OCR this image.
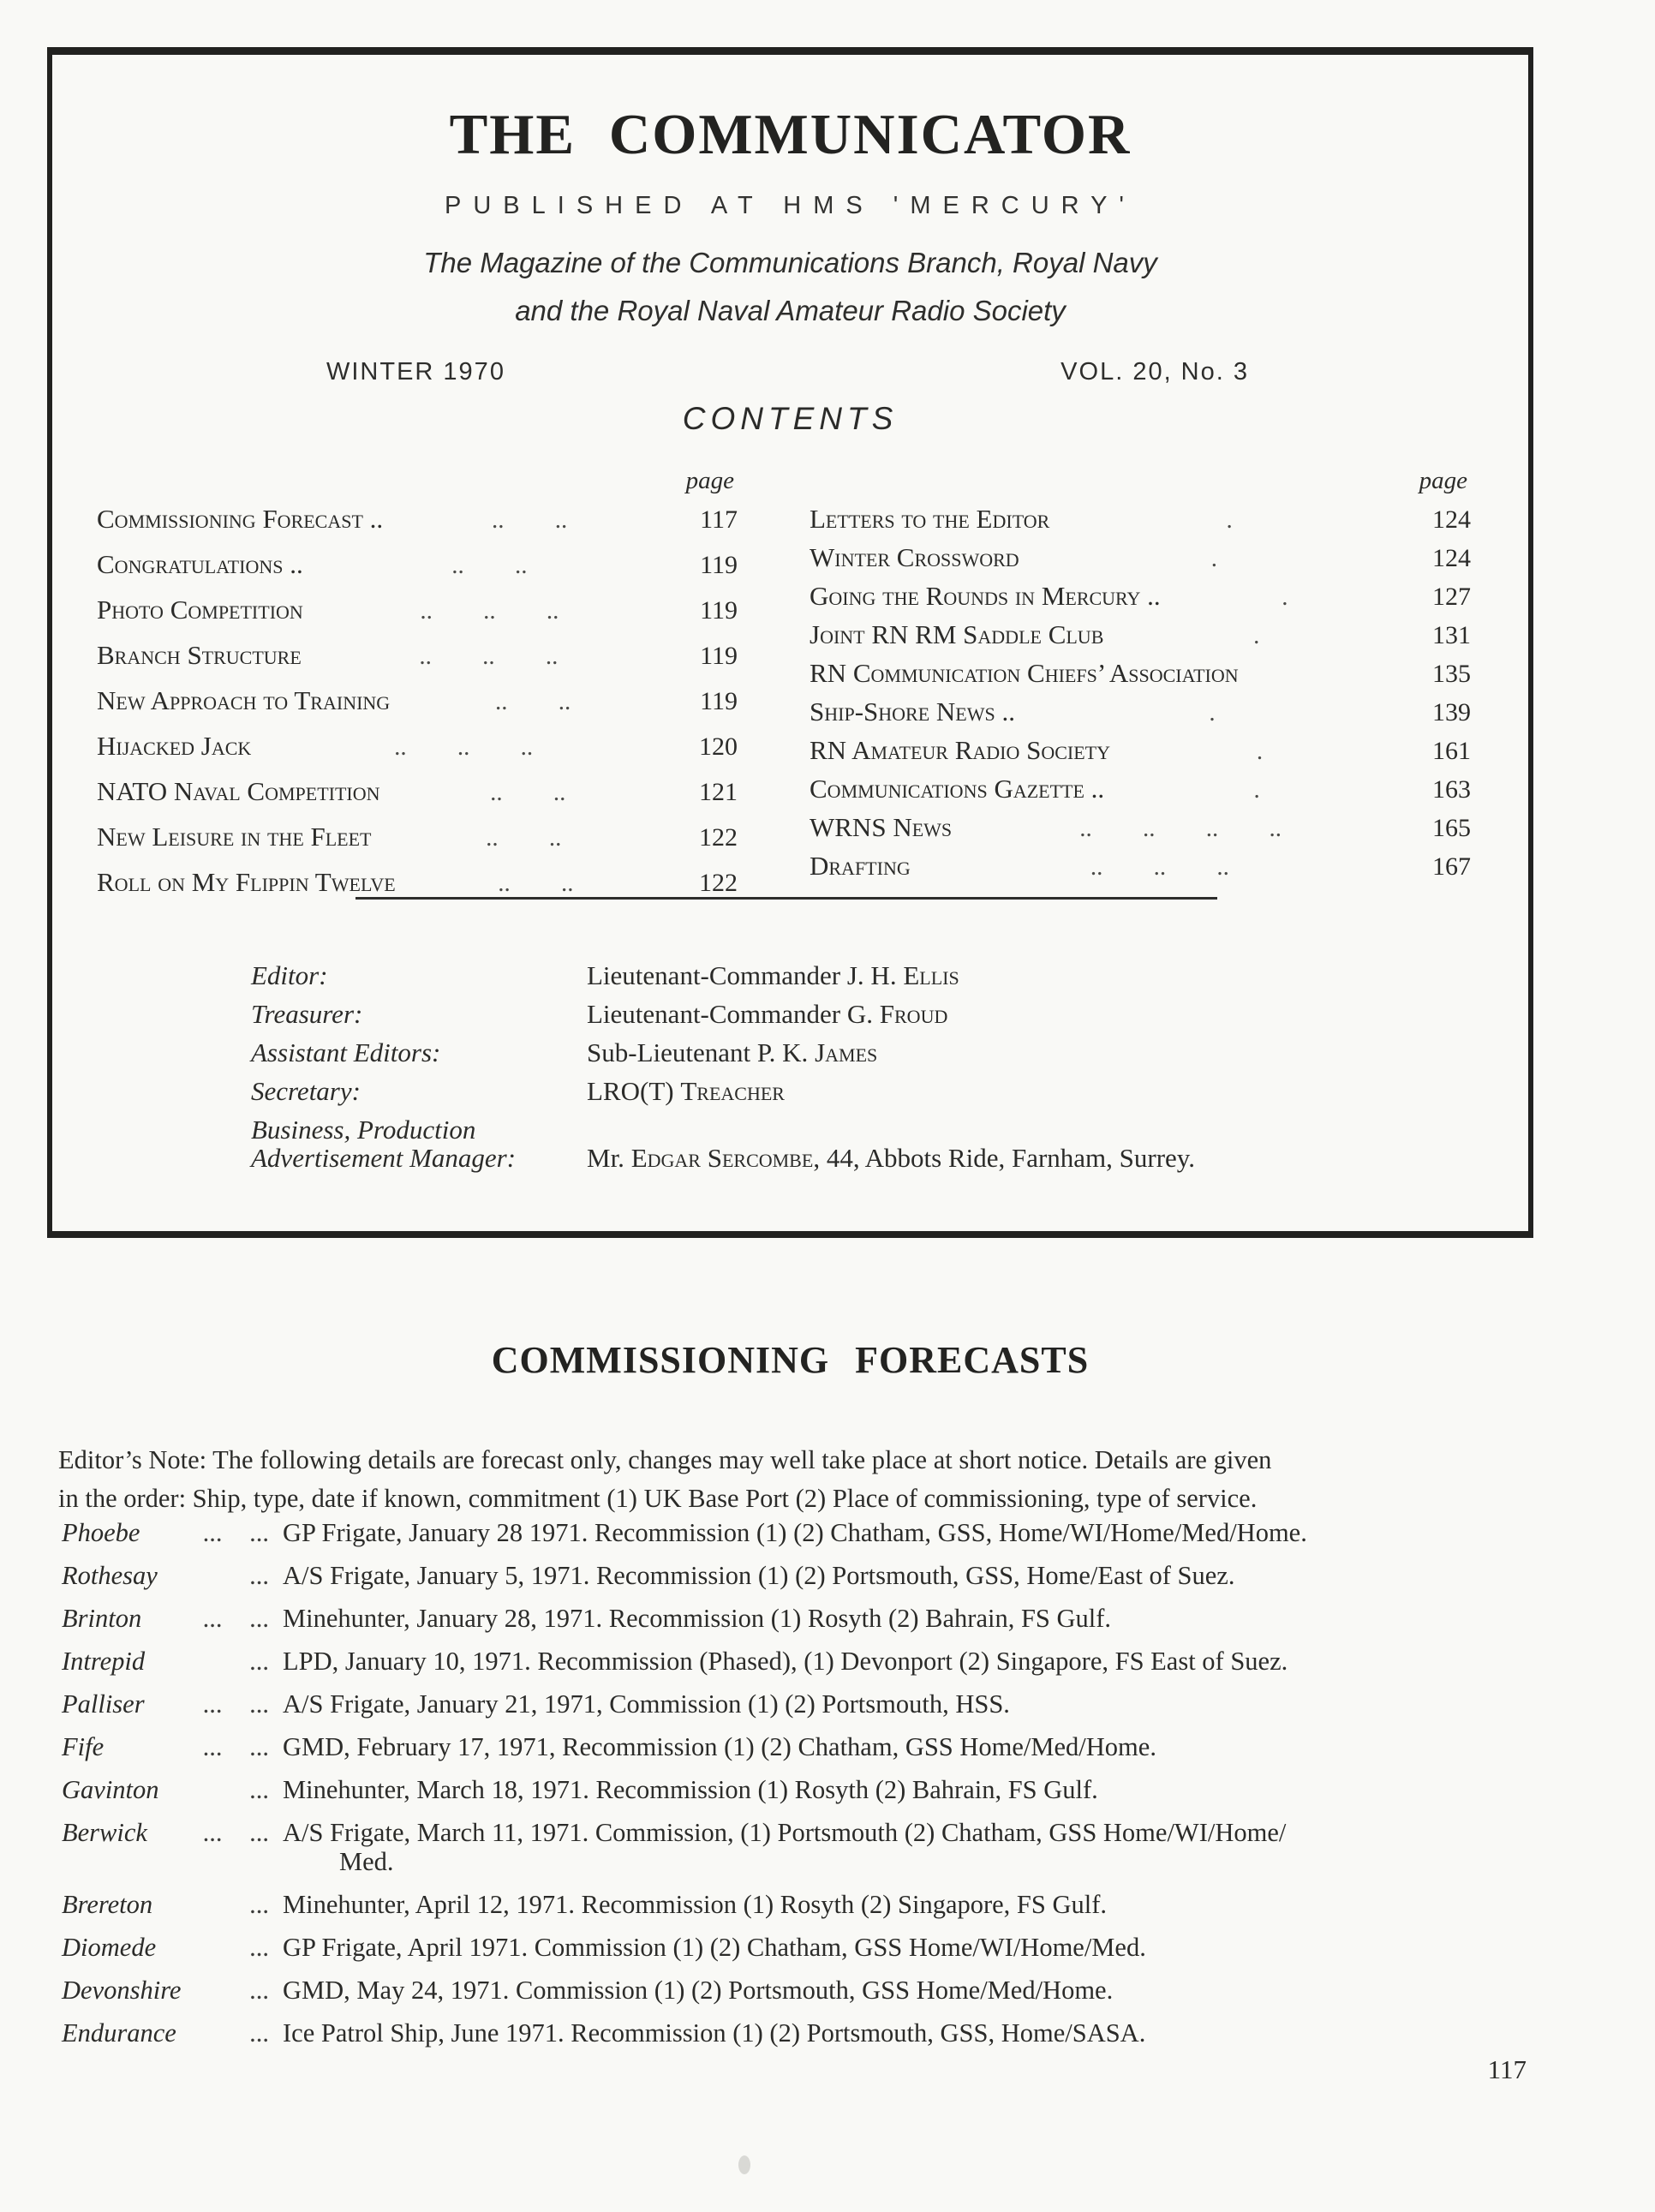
THE COMMUNICATOR
PUBLISHED AT HMS 'MERCURY'
The Magazine of the Communications Branch, Royal Navy
and the Royal Naval Amateur Radio Society
WINTER 1970	VOL. 20, No. 3
CONTENTS
page
Commissioning Forecast ..	.. ..	117
Congratulations ..	.. ..	119
Photo Competition	.. .. ..	119
Branch Structure	.. .. ..	119
New Approach to Training	.. ..	119
Hijacked Jack	.. .. ..	120
NATO Naval Competition	.. ..	121
New Leisure in the Fleet	.. ..	122
Roll on My Flippin Twelve	.. ..	122
page
Letters to the Editor	.	124
Winter Crossword	.	124
Going the Rounds in Mercury ..	.	127
Joint RN RM Saddle Club	.	131
RN Communication Chiefs’ Association	135
Ship-Shore News ..	.	139
RN Amateur Radio Society	.	161
Communications Gazette ..	.	163
WRNS News	.. .. .. ..	165
Drafting	.. .. ..	167
Editor:	Lieutenant-Commander J. H. Ellis
Treasurer:	Lieutenant-Commander G. Froud
Assistant Editors:	Sub-Lieutenant P. K. James
Secretary:	LRO(T) Treacher
Business, Production
Advertisement Manager:	Mr. Edgar Sercombe, 44, Abbots Ride, Farnham, Surrey.
COMMISSIONING FORECASTS
Editor’s Note: The following details are forecast only, changes may well take place at short notice. Details are given
in the order: Ship, type, date if known, commitment (1) UK Base Port (2) Place of commissioning, type of service.
Phoebe	... ... GP Frigate, January 28 1971. Recommission (1) (2) Chatham, GSS, Home/WI/Home/Med/Home.
Rothesay	... A/S Frigate, January 5, 1971. Recommission (1) (2) Portsmouth, GSS, Home/East of Suez.
Brinton	... ... Minehunter, January 28, 1971. Recommission (1) Rosyth (2) Bahrain, FS Gulf.
Intrepid	... LPD, January 10, 1971. Recommission (Phased), (1) Devonport (2) Singapore, FS East of Suez.
Palliser	... ... A/S Frigate, January 21, 1971, Commission (1) (2) Portsmouth, HSS.
Fife	... ... GMD, February 17, 1971, Recommission (1) (2) Chatham, GSS Home/Med/Home.
Gavinton	... Minehunter, March 18, 1971. Recommission (1) Rosyth (2) Bahrain, FS Gulf.
Berwick	... ... A/S Frigate, March 11, 1971. Commission, (1) Portsmouth (2) Chatham, GSS Home/WI/Home/
Med.
Brereton	... Minehunter, April 12, 1971. Recommission (1) Rosyth (2) Singapore, FS Gulf.
Diomede	... GP Frigate, April 1971. Commission (1) (2) Chatham, GSS Home/WI/Home/Med.
Devonshire	... GMD, May 24, 1971. Commission (1) (2) Portsmouth, GSS Home/Med/Home.
Endurance	... Ice Patrol Ship, June 1971. Recommission (1) (2) Portsmouth, GSS, Home/SASA.
117
